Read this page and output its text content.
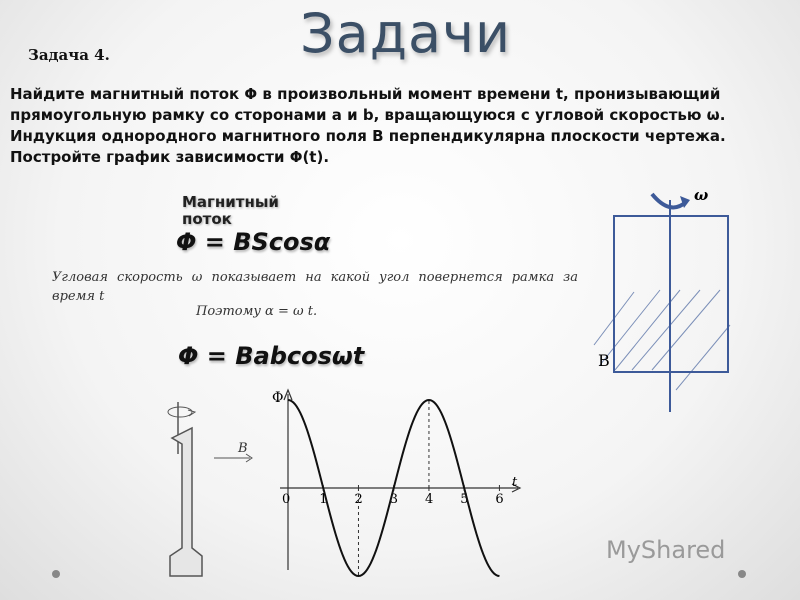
Задачи
Задача 4.

Найдите магнитный поток Φ в произвольный момент времени t, пронизывающий

прямоугольную рамку со сторонами a и b, вращающуюся с угловой скоростью ω.

Индукция однородного магнитного поля B перпендикулярна плоскости чертежа.

Постройте график зависимости Φ(t).

Магнитный поток
Φ = BScosα
Угловая скорость ω показывает на какой угол повернется рамка за время t
Поэтому α = ω t.
Φ = Babcosωt
ω
B
B
Φ
t
0 1 2 3 4 5 6
MyShared
